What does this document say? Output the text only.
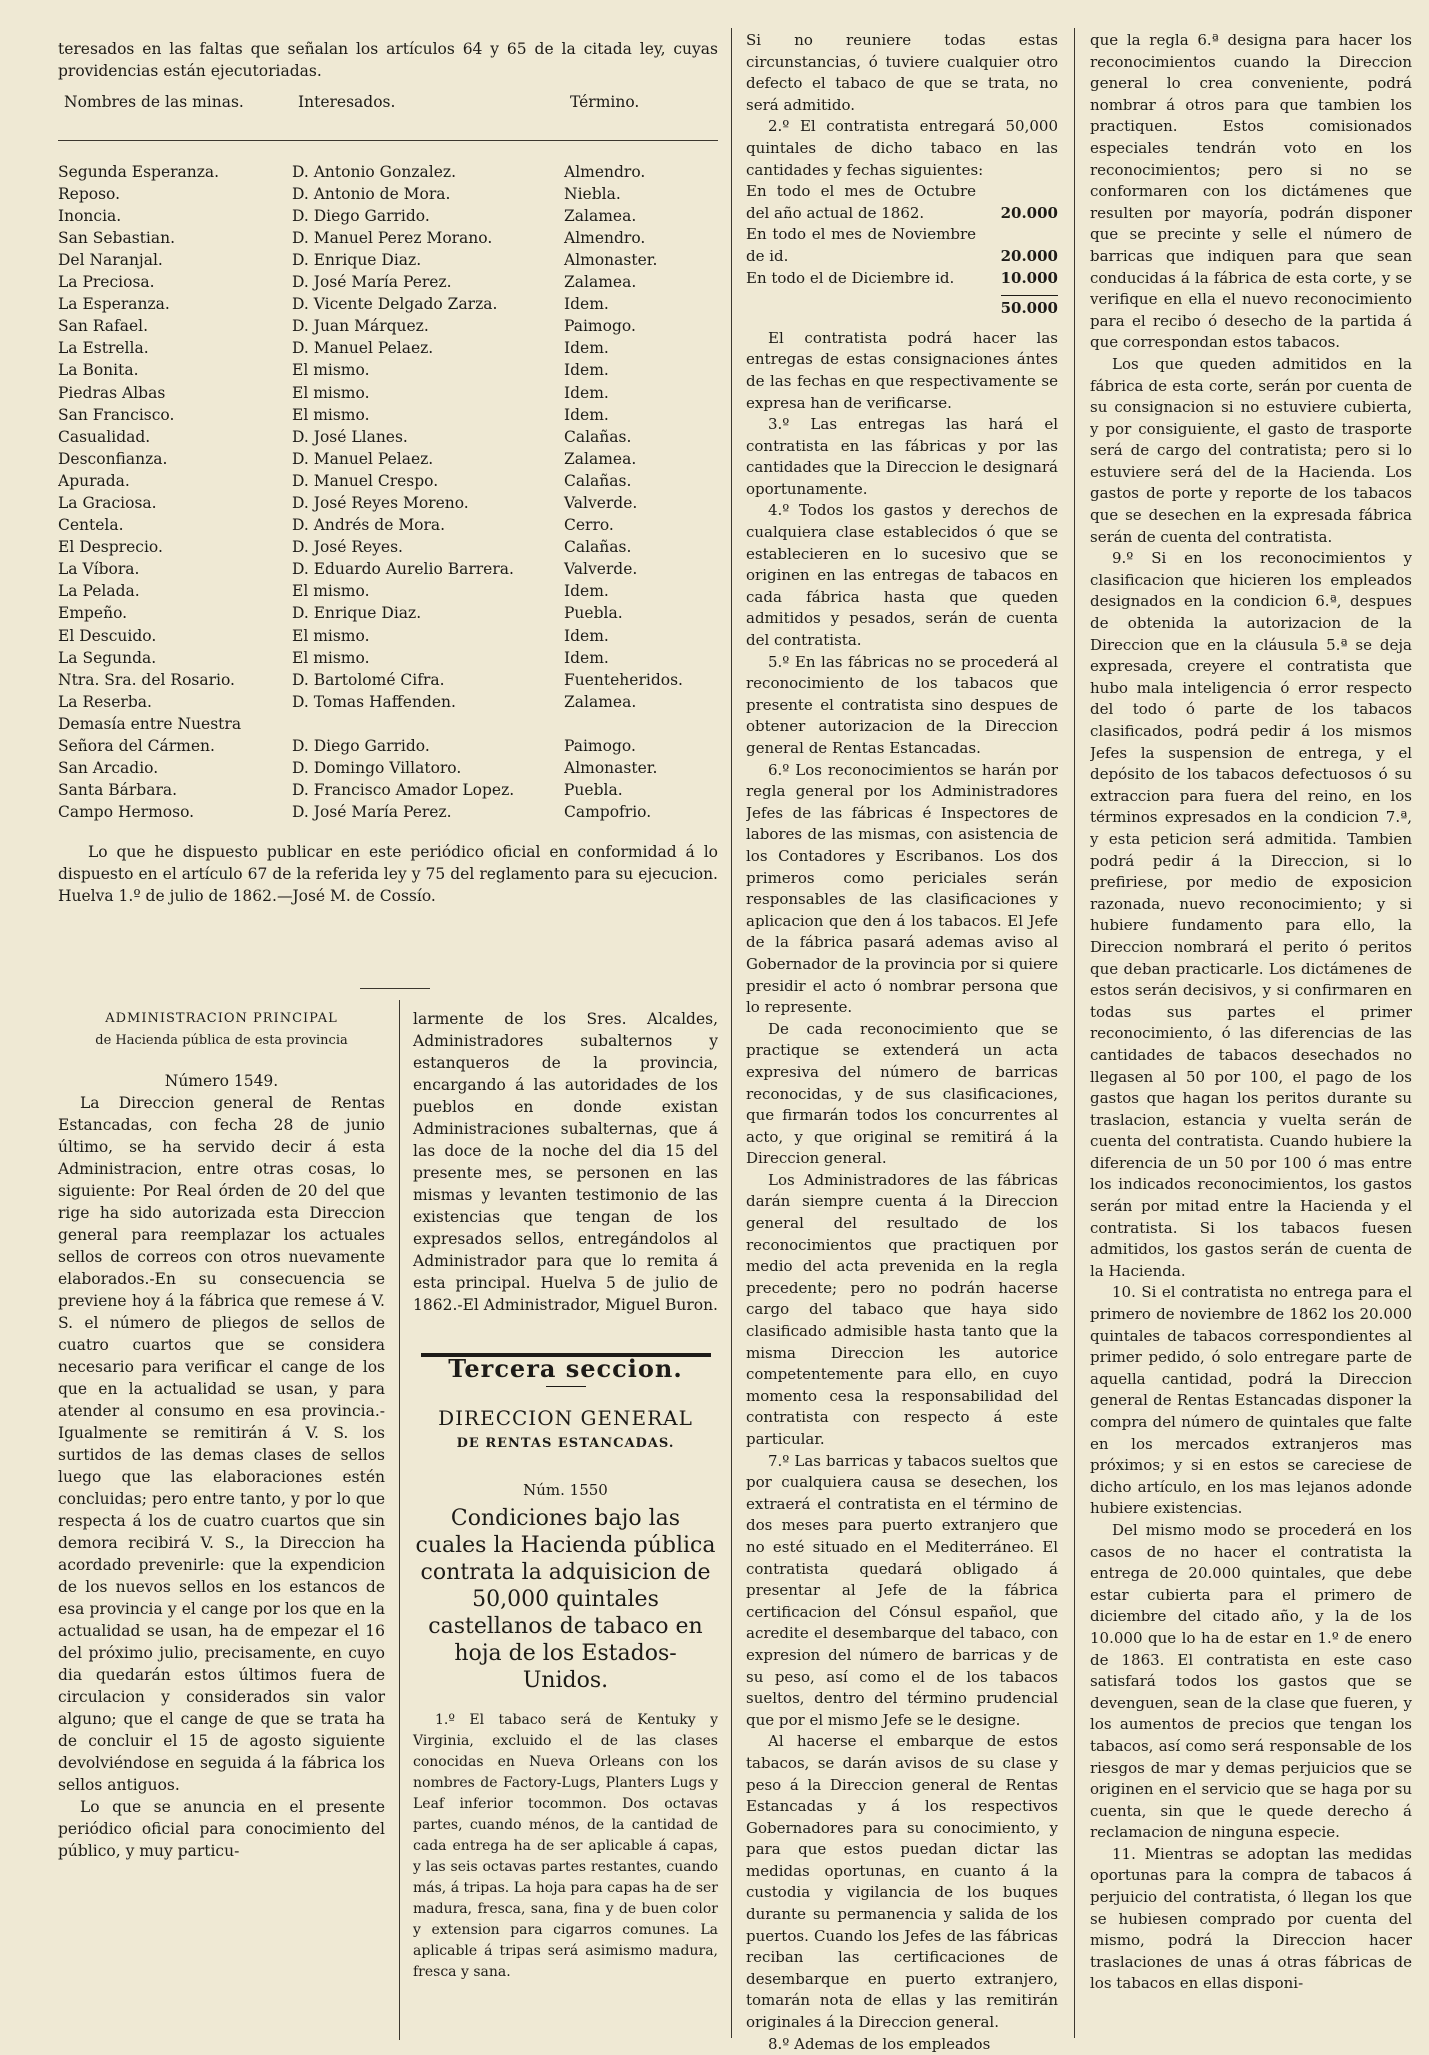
teresados en las faltas que señalan los artículos 64 y 65 de la citada ley, cuyas providencias están ejecutoriadas.

Nombres de las minas.	Interesados.	Término.
Segunda Esperanza.	D. Antonio Gonzalez.	Almendro.
Reposo.	D. Antonio de Mora.	Niebla.
Inoncia.	D. Diego Garrido.	Zalamea.
San Sebastian.	D. Manuel Perez Morano.	Almendro.
Del Naranjal.	D. Enrique Diaz.	Almonaster.
La Preciosa.	D. José María Perez.	Zalamea.
La Esperanza.	D. Vicente Delgado Zarza.	Idem.
San Rafael.	D. Juan Márquez.	Paimogo.
La Estrella.	D. Manuel Pelaez.	Idem.
La Bonita.	El mismo.	Idem.
Piedras Albas	El mismo.	Idem.
San Francisco.	El mismo.	Idem.
Casualidad.	D. José Llanes.	Calañas.
Desconfianza.	D. Manuel Pelaez.	Zalamea.
Apurada.	D. Manuel Crespo.	Calañas.
La Graciosa.	D. José Reyes Moreno.	Valverde.
Centela.	D. Andrés de Mora.	Cerro.
El Desprecio.	D. José Reyes.	Calañas.
La Víbora.	D. Eduardo Aurelio Barrera.	Valverde.
La Pelada.	El mismo.	Idem.
Empeño.	D. Enrique Diaz.	Puebla.
El Descuido.	El mismo.	Idem.
La Segunda.	El mismo.	Idem.
Ntra. Sra. del Rosario.	D. Bartolomé Cifra.	Fuenteheridos.
La Reserba.	D. Tomas Haffenden.	Zalamea.
Demasía entre Nuestra		
Señora del Cármen.	D. Diego Garrido.	Paimogo.
San Arcadio.	D. Domingo Villatoro.	Almonaster.
Santa Bárbara.	D. Francisco Amador Lopez.	Puebla.
Campo Hermoso.	D. José María Perez.	Campofrio.

Lo que he dispuesto publicar en este periódico oficial en conformidad á lo dispuesto en el artículo 67 de la referida ley y 75 del reglamento para su ejecucion. Huelva 1.º de julio de 1862.—José M. de Cossío.

ADMINISTRACION PRINCIPAL

de Hacienda pública de esta provincia

Número 1549.

La Direccion general de Rentas Estancadas, con fecha 28 de junio último, se ha servido decir á esta Administracion, entre otras cosas, lo siguiente: Por Real órden de 20 del que rige ha sido autorizada esta Direccion general para reemplazar los actuales sellos de correos con otros nuevamente elaborados.-En su consecuencia se previene hoy á la fábrica que remese á V. S. el número de pliegos de sellos de cuatro cuartos que se considera necesario para verificar el cange de los que en la actualidad se usan, y para atender al consumo en esa provincia.-Igualmente se remitirán á V. S. los surtidos de las demas clases de sellos luego que las elaboraciones estén concluidas; pero entre tanto, y por lo que respecta á los de cuatro cuartos que sin demora recibirá V. S., la Direccion ha acordado prevenirle: que la expendicion de los nuevos sellos en los estancos de esa provincia y el cange por los que en la actualidad se usan, ha de empezar el 16 del próximo julio, precisamente, en cuyo dia quedarán estos últimos fuera de circulacion y considerados sin valor alguno; que el cange de que se trata ha de concluir el 15 de agosto siguiente devolviéndose en seguida á la fábrica los sellos antiguos.

Lo que se anuncia en el presente periódico oficial para conocimiento del público, y muy particu-

larmente de los Sres. Alcaldes, Administradores subalternos y estanqueros de la provincia, encargando á las autoridades de los pueblos en donde existan Administraciones subalternas, que á las doce de la noche del dia 15 del presente mes, se personen en las mismas y levanten testimonio de las existencias que tengan de los expresados sellos, entregándolos al Administrador para que lo remita á esta principal. Huelva 5 de julio de 1862.-El Administrador, Miguel Buron.

Tercera seccion.

DIRECCION GENERAL

DE RENTAS ESTANCADAS.

Núm. 1550

Condiciones bajo las cuales la Hacienda pública contrata la adquisicion de 50,000 quintales castellanos de tabaco en hoja de los Estados-Unidos.

1.º El tabaco será de Kentuky y Virginia, excluido el de las clases conocidas en Nueva Orleans con los nombres de Factory-Lugs, Planters Lugs y Leaf inferior tocommon. Dos octavas partes, cuando ménos, de la cantidad de cada entrega ha de ser aplicable á capas, y las seis octavas partes restantes, cuando más, á tripas. La hoja para capas ha de ser madura, fresca, sana, fina y de buen color y extension para cigarros comunes. La aplicable á tripas será asimismo madura, fresca y sana.

Si no reuniere todas estas circunstancias, ó tuviere cualquier otro defecto el tabaco de que se trata, no será admitido.

2.º El contratista entregará 50,000 quintales de dicho tabaco en las cantidades y fechas siguientes:

En todo el mes de Octubre del año actual de 1862.	20.000
En todo el mes de Noviembre de id.	20.000
En todo el de Diciembre id.	10.000
50.000

El contratista podrá hacer las entregas de estas consignaciones ántes de las fechas en que respectivamente se expresa han de verificarse.

3.º Las entregas las hará el contratista en las fábricas y por las cantidades que la Direccion le designará oportunamente.

4.º Todos los gastos y derechos de cualquiera clase establecidos ó que se establecieren en lo sucesivo que se originen en las entregas de tabacos en cada fábrica hasta que queden admitidos y pesados, serán de cuenta del contratista.

5.º En las fábricas no se procederá al reconocimiento de los tabacos que presente el contratista sino despues de obtener autorizacion de la Direccion general de Rentas Estancadas.

6.º Los reconocimientos se harán por regla general por los Administradores Jefes de las fábricas é Inspectores de labores de las mismas, con asistencia de los Contadores y Escribanos. Los dos primeros como periciales serán responsables de las clasificaciones y aplicacion que den á los tabacos. El Jefe de la fábrica pasará ademas aviso al Gobernador de la provincia por si quiere presidir el acto ó nombrar persona que lo represente.

De cada reconocimiento que se practique se extenderá un acta expresiva del número de barricas reconocidas, y de sus clasificaciones, que firmarán todos los concurrentes al acto, y que original se remitirá á la Direccion general.

Los Administradores de las fábricas darán siempre cuenta á la Direccion general del resultado de los reconocimientos que practiquen por medio del acta prevenida en la regla precedente; pero no podrán hacerse cargo del tabaco que haya sido clasificado admisible hasta tanto que la misma Direccion les autorice competentemente para ello, en cuyo momento cesa la responsabilidad del contratista con respecto á este particular.

7.º Las barricas y tabacos sueltos que por cualquiera causa se desechen, los extraerá el contratista en el término de dos meses para puerto extranjero que no esté situado en el Mediterráneo. El contratista quedará obligado á presentar al Jefe de la fábrica certificacion del Cónsul español, que acredite el desembarque del tabaco, con expresion del número de barricas y de su peso, así como el de los tabacos sueltos, dentro del término prudencial que por el mismo Jefe se le designe.

Al hacerse el embarque de estos tabacos, se darán avisos de su clase y peso á la Direccion general de Rentas Estancadas y á los respectivos Gobernadores para su conocimiento, y para que estos puedan dictar las medidas oportunas, en cuanto á la custodia y vigilancia de los buques durante su permanencia y salida de los puertos. Cuando los Jefes de las fábricas reciban las certificaciones de desembarque en puerto extranjero, tomarán nota de ellas y las remitirán originales á la Direccion general.

8.º Ademas de los empleados

que la regla 6.ª designa para hacer los reconocimientos cuando la Direccion general lo crea conveniente, podrá nombrar á otros para que tambien los practiquen. Estos comisionados especiales tendrán voto en los reconocimientos; pero si no se conformaren con los dictámenes que resulten por mayoría, podrán disponer que se precinte y selle el número de barricas que indiquen para que sean conducidas á la fábrica de esta corte, y se verifique en ella el nuevo reconocimiento para el recibo ó desecho de la partida á que correspondan estos tabacos.

Los que queden admitidos en la fábrica de esta corte, serán por cuenta de su consignacion si no estuviere cubierta, y por consiguiente, el gasto de trasporte será de cargo del contratista; pero si lo estuviere será del de la Hacienda. Los gastos de porte y reporte de los tabacos que se desechen en la expresada fábrica serán de cuenta del contratista.

9.º Si en los reconocimientos y clasificacion que hicieren los empleados designados en la condicion 6.ª, despues de obtenida la autorizacion de la Direccion que en la cláusula 5.ª se deja expresada, creyere el contratista que hubo mala inteligencia ó error respecto del todo ó parte de los tabacos clasificados, podrá pedir á los mismos Jefes la suspension de entrega, y el depósito de los tabacos defectuosos ó su extraccion para fuera del reino, en los términos expresados en la condicion 7.ª, y esta peticion será admitida. Tambien podrá pedir á la Direccion, si lo prefiriese, por medio de exposicion razonada, nuevo reconocimiento; y si hubiere fundamento para ello, la Direccion nombrará el perito ó peritos que deban practicarle. Los dictámenes de estos serán decisivos, y si confirmaren en todas sus partes el primer reconocimiento, ó las diferencias de las cantidades de tabacos desechados no llegasen al 50 por 100, el pago de los gastos que hagan los peritos durante su traslacion, estancia y vuelta serán de cuenta del contratista. Cuando hubiere la diferencia de un 50 por 100 ó mas entre los indicados reconocimientos, los gastos serán por mitad entre la Hacienda y el contratista. Si los tabacos fuesen admitidos, los gastos serán de cuenta de la Hacienda.

10. Si el contratista no entrega para el primero de noviembre de 1862 los 20.000 quintales de tabacos correspondientes al primer pedido, ó solo entregare parte de aquella cantidad, podrá la Direccion general de Rentas Estancadas disponer la compra del número de quintales que falte en los mercados extranjeros mas próximos; y si en estos se careciese de dicho artículo, en los mas lejanos adonde hubiere existencias.

Del mismo modo se procederá en los casos de no hacer el contratista la entrega de 20.000 quintales, que debe estar cubierta para el primero de diciembre del citado año, y la de los 10.000 que lo ha de estar en 1.º de enero de 1863. El contratista en este caso satisfará todos los gastos que se devenguen, sean de la clase que fueren, y los aumentos de precios que tengan los tabacos, así como será responsable de los riesgos de mar y demas perjuicios que se originen en el servicio que se haga por su cuenta, sin que le quede derecho á reclamacion de ninguna especie.

11. Mientras se adoptan las medidas oportunas para la compra de tabacos á perjuicio del contratista, ó llegan los que se hubiesen comprado por cuenta del mismo, podrá la Direccion hacer traslaciones de unas á otras fábricas de los tabacos en ellas disponi-
